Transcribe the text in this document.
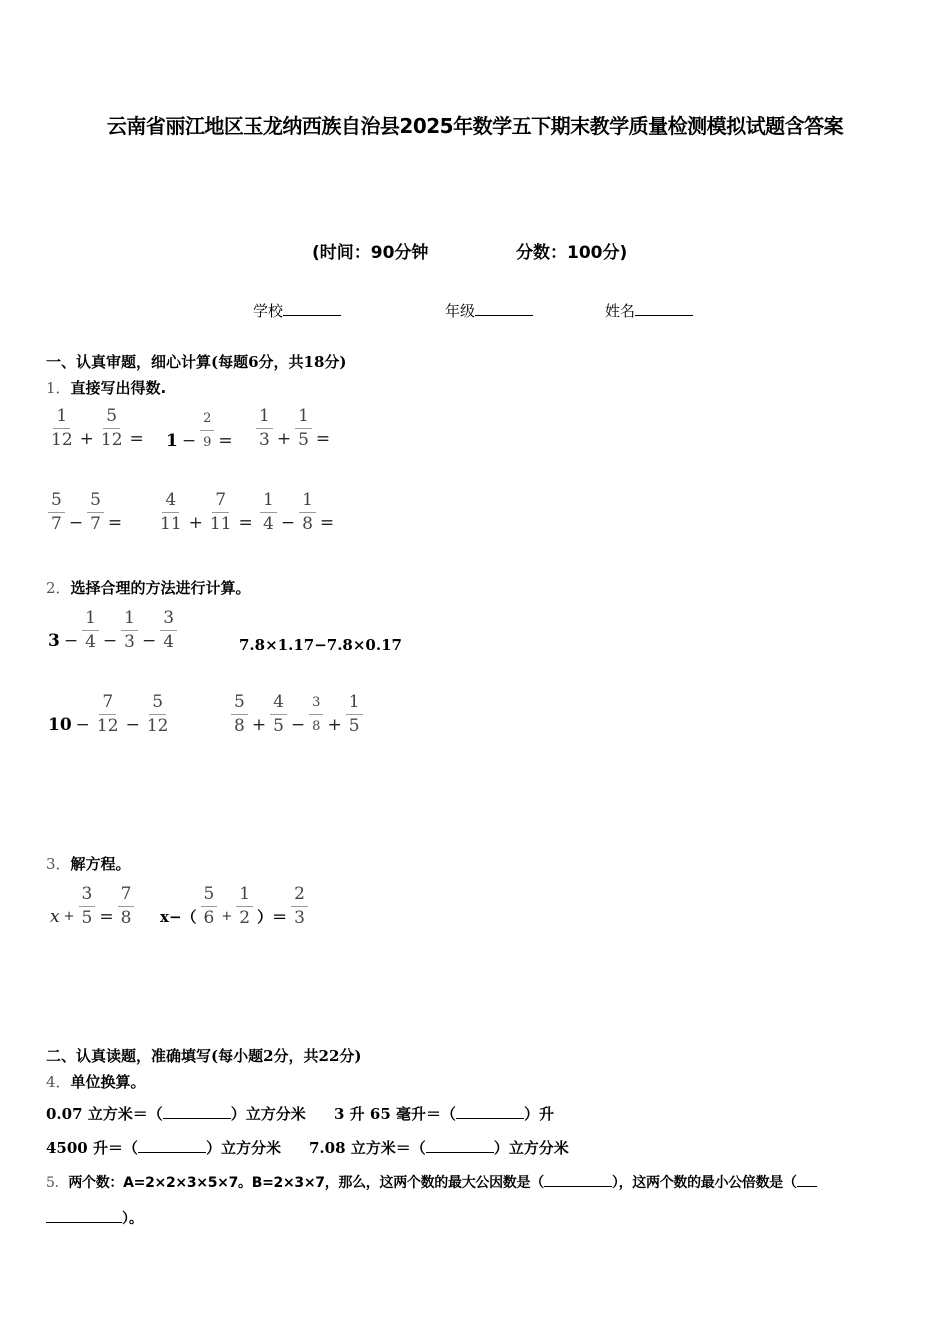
云南省丽江地区玉龙纳西族自治县2025年数学五下期末教学质量检测模拟试题含答案
(时间：90分钟	分数：100分)
学校	年级	姓名
一、认真审题，细心计算(每题6分，共18分)
1．直接写出得数.
$\frac{1}{12} + \frac{5}{12} = 1 - \frac{2}{9} = \frac{1}{3} + \frac{1}{5}$ =
$\frac{5}{7} - \frac{5}{7} = \frac{4}{11} + \frac{7}{11} = \frac{1}{4} - \frac{1}{8}$ =
2．选择合理的方法进行计算。
$3 - \frac{1}{4} - \frac{1}{3} - \frac{3}{4}$	7.8×1.17−7.8×0.17
$10 - \frac{7}{12} - \frac{5}{12}$	$\frac{5}{8} + \frac{4}{5} - \frac{3}{8} + \frac{1}{5}$
3．解方程。
$x + \frac{3}{5} = \frac{7}{8} x-( \frac{5}{6} + \frac{1}{2}$ ）＝ $\frac{2}{3}$
二、认真读题，准确填写(每小题2分，共22分)
4．单位换算。
0.07 立方米＝（	）立方分米 3 升 65 毫升＝（	）升
4500 升＝（	）立方分米 7.08 立方米＝（	）立方分米
5．两个数：A=2×2×3×5×7。B=2×3×7，那么，这两个数的最大公因数是（	），这两个数的最小公倍数是（
）。
